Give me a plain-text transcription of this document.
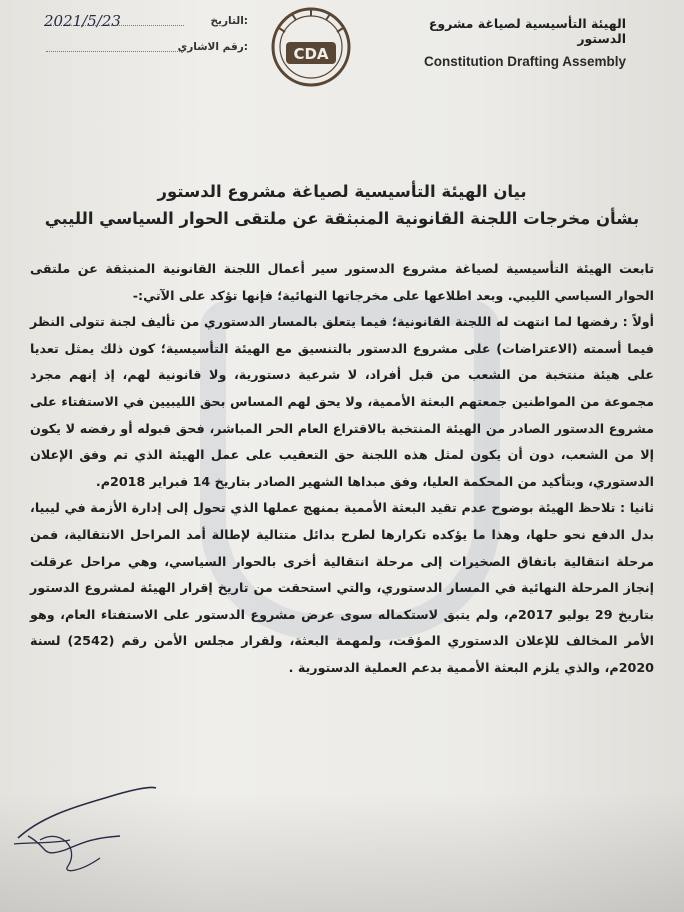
الهيئة التأسيسية لصياغة مشروع الدستور
Constitution Drafting Assembly
CDA
:التاريخ
2021/5/23
:رقم الاشاري
بيان الهيئة التأسيسية لصياغة مشروع الدستور
بشأن مخرجات اللجنة القانونية المنبثقة عن ملتقى الحوار السياسي الليبي

تابعت الهيئة التأسيسية لصياغة مشروع الدستور سير أعمال اللجنة القانونية المنبثقة عن ملتقى الحوار السياسي الليبي. وبعد اطلاعها على مخرجاتها النهائية؛ فإنها تؤكد على الآتي:-

أولاً : رفضها لما انتهت له اللجنة القانونية؛ فيما يتعلق بالمسار الدستوري من تأليف لجنة تتولى النظر فيما أسمته (الاعتراضات) على مشروع الدستور بالتنسيق مع الهيئة التأسيسية؛ كون ذلك يمثل تعديا على هيئة منتخبة من الشعب من قبل أفراد، لا شرعية دستورية، ولا قانونية لهم، إذ إنهم مجرد مجموعة من المواطنين جمعتهم البعثة الأممية، ولا يحق لهم المساس بحق الليبيين في الاستفتاء على مشروع الدستور الصادر من الهيئة المنتخبة بالاقتراع العام الحر المباشر، فحق قبوله أو رفضه لا يكون إلا من الشعب، دون أن يكون لمثل هذه اللجنة حق التعقيب على عمل الهيئة الذي تم وفق الإعلان الدستوري، وبتأكيد من المحكمة العليا، وفق مبداها الشهير الصادر بتاريخ 14 فبراير 2018م.

ثانيا : تلاحظ الهيئة بوضوح عدم تقيد البعثة الأممية بمنهج عملها الذي تحول إلى إدارة الأزمة في ليبيا، بدل الدفع نحو حلها، وهذا ما يؤكده تكرارها لطرح بدائل متتالية لإطالة أمد المراحل الانتقالية، فمن مرحلة انتقالية باتفاق الصخيرات إلى مرحلة انتقالية أخرى بالحوار السياسي، وهي مراحل عرقلت إنجاز المرحلة النهائية في المسار الدستوري، والتي استحقت من تاريخ إقرار الهيئة لمشروع الدستور بتاريخ 29 يوليو 2017م، ولم يتبق لاستكماله سوى عرض مشروع الدستور على الاستفتاء العام، وهو الأمر المخالف للإعلان الدستوري المؤقت، ولمهمة البعثة، ولقرار مجلس الأمن رقم (2542) لسنة 2020م، والذي يلزم البعثة الأممية بدعم العملية الدستورية .
